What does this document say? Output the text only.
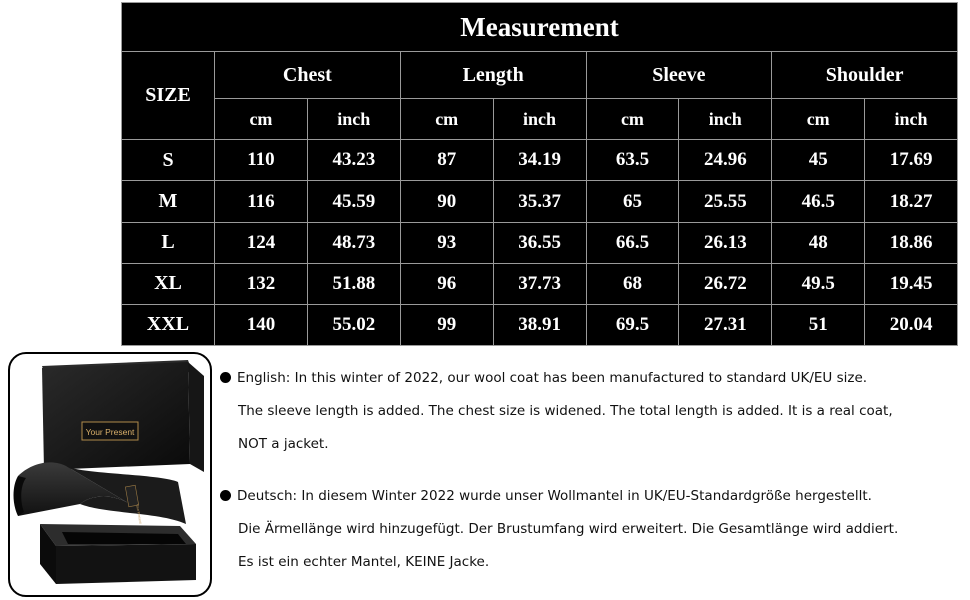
Measurement								
SIZE	Chest		Length		Sleeve		Shoulder	
	cm	inch	cm	inch	cm	inch	cm	inch
S	110	43.23	87	34.19	63.5	24.96	45	17.69
M	116	45.59	90	35.37	65	25.55	46.5	18.27
L	124	48.73	93	36.55	66.5	26.13	48	18.86
XL	132	51.88	96	37.73	68	26.72	49.5	19.45
XXL	140	55.02	99	38.91	69.5	27.31	51	20.04
Your Present
Your Present

English: In this winter of 2022, our wool coat has been manufactured to standard UK/EU size.

The sleeve length is added. The chest size is widened. The total length is added. It is a real coat,

NOT a jacket.

Deutsch: In diesem Winter 2022 wurde unser Wollmantel in UK/EU-Standardgröße hergestellt.

Die Ärmellänge wird hinzugefügt. Der Brustumfang wird erweitert. Die Gesamtlänge wird addiert.

Es ist ein echter Mantel, KEINE Jacke.
